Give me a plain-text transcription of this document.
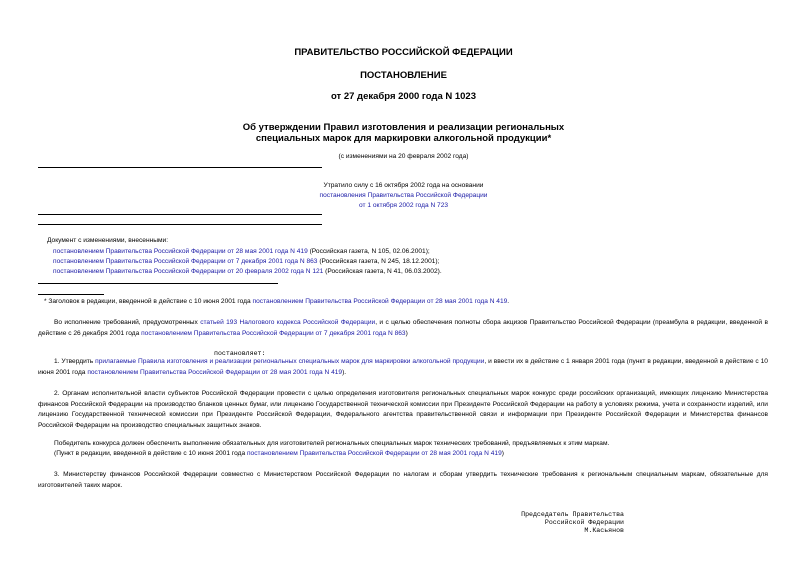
ПРАВИТЕЛЬСТВО РОССИЙСКОЙ ФЕДЕРАЦИИ
ПОСТАНОВЛЕНИЕ
от 27 декабря 2000 года N 1023
Об утверждении Правил изготовления и реализации региональных
специальных марок для маркировки алкогольной продукции*
(с изменениями на 20 февраля 2002 года)
Утратило силу с 16 октября 2002 года на основании
постановления Правительства Российской Федерации
от 1 октября 2002 года N 723
Документ с изменениями, внесенными:
постановлением Правительства Российской Федерации от 28 мая 2001 года N 419 (Российская газета, N 105, 02.06.2001);
постановлением Правительства Российской Федерации от 7 декабря 2001 года N 863 (Российская газета, N 245, 18.12.2001);
постановлением Правительства Российской Федерации от 20 февраля 2002 года N 121 (Российская газета, N 41, 06.03.2002).
* Заголовок в редакции, введенной в действие с 10 июня 2001 года постановлением Правительства Российской Федерации от 28 мая 2001 года N 419.
Во исполнение требований, предусмотренных статьей 193 Налогового кодекса Российской Федерации, и с целью обеспечения полноты сбора акцизов Правительство Российской Федерации (преамбула в редакции, введенной в действие с 26 декабря 2001 года постановлением Правительства Российской Федерации от 7 декабря 2001 года N 863)
постановляет:
1. Утвердить прилагаемые Правила изготовления и реализации региональных специальных марок для маркировки алкогольной продукции, и ввести их в действие с 1 января 2001 года (пункт в редакции, введенной в действие с 10 июня 2001 года постановлением Правительства Российской Федерации от 28 мая 2001 года N 419).
2. Органам исполнительной власти субъектов Российской Федерации провести с целью определения изготовителя региональных специальных марок конкурс среди российских организаций, имеющих лицензию Министерства финансов Российской Федерации на производство бланков ценных бумаг, или лицензию Государственной технической комиссии при Президенте Российской Федерации на работу в условиях режима, учета и сохранности изделий, или лицензию Государственной технической комиссии при Президенте Российской Федерации, Федерального агентства правительственной связи и информации при Президенте Российской Федерации и Министерства финансов Российской Федерации на производство специальных защитных знаков.
Победитель конкурса должен обеспечить выполнение обязательных для изготовителей региональных специальных марок технических требований, предъявляемых к этим маркам.
(Пункт в редакции, введенной в действие с 10 июня 2001 года постановлением Правительства Российской Федерации от 28 мая 2001 года N 419)
3. Министерству финансов Российской Федерации совместно с Министерством Российской Федерации по налогам и сборам утвердить технические требования к региональным специальным маркам, обязательные для изготовителей таких марок.
Председатель Правительства
Российской Федерации
М.Касьянов
